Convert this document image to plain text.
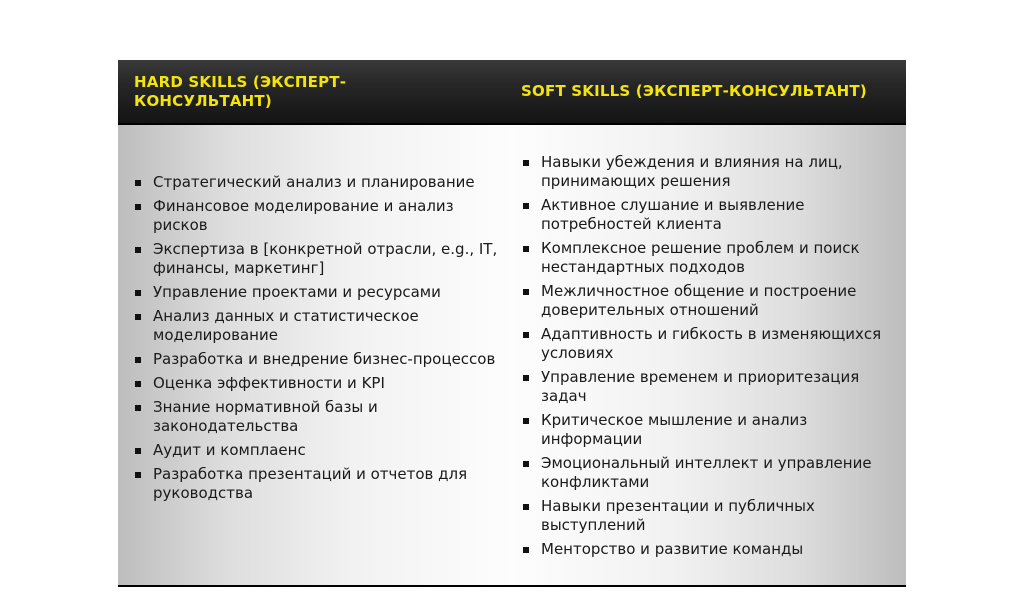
HARD SKILLS (ЭКСПЕРТ-КОНСУЛЬТАНТ)
SOFT SKILLS (ЭКСПЕРТ-КОНСУЛЬТАНТ)
Стратегический анализ и планирование
Финансовое моделирование и анализ рисков
Экспертиза в [конкретной отрасли, e.g., IT, финансы, маркетинг]
Управление проектами и ресурсами
Анализ данных и статистическое моделирование
Разработка и внедрение бизнес-процессов
Оценка эффективности и KPI
Знание нормативной базы и законодательства
Аудит и комплаенс
Разработка презентаций и отчетов для руководства
Навыки убеждения и влияния на лиц, принимающих решения
Активное слушание и выявление потребностей клиента
Комплексное решение проблем и поиск нестандартных подходов
Межличностное общение и построение доверительных отношений
Адаптивность и гибкость в изменяющихся условиях
Управление временем и приоритезация задач
Критическое мышление и анализ информации
Эмоциональный интеллект и управление конфликтами
Навыки презентации и публичных выступлений
Менторство и развитие команды
